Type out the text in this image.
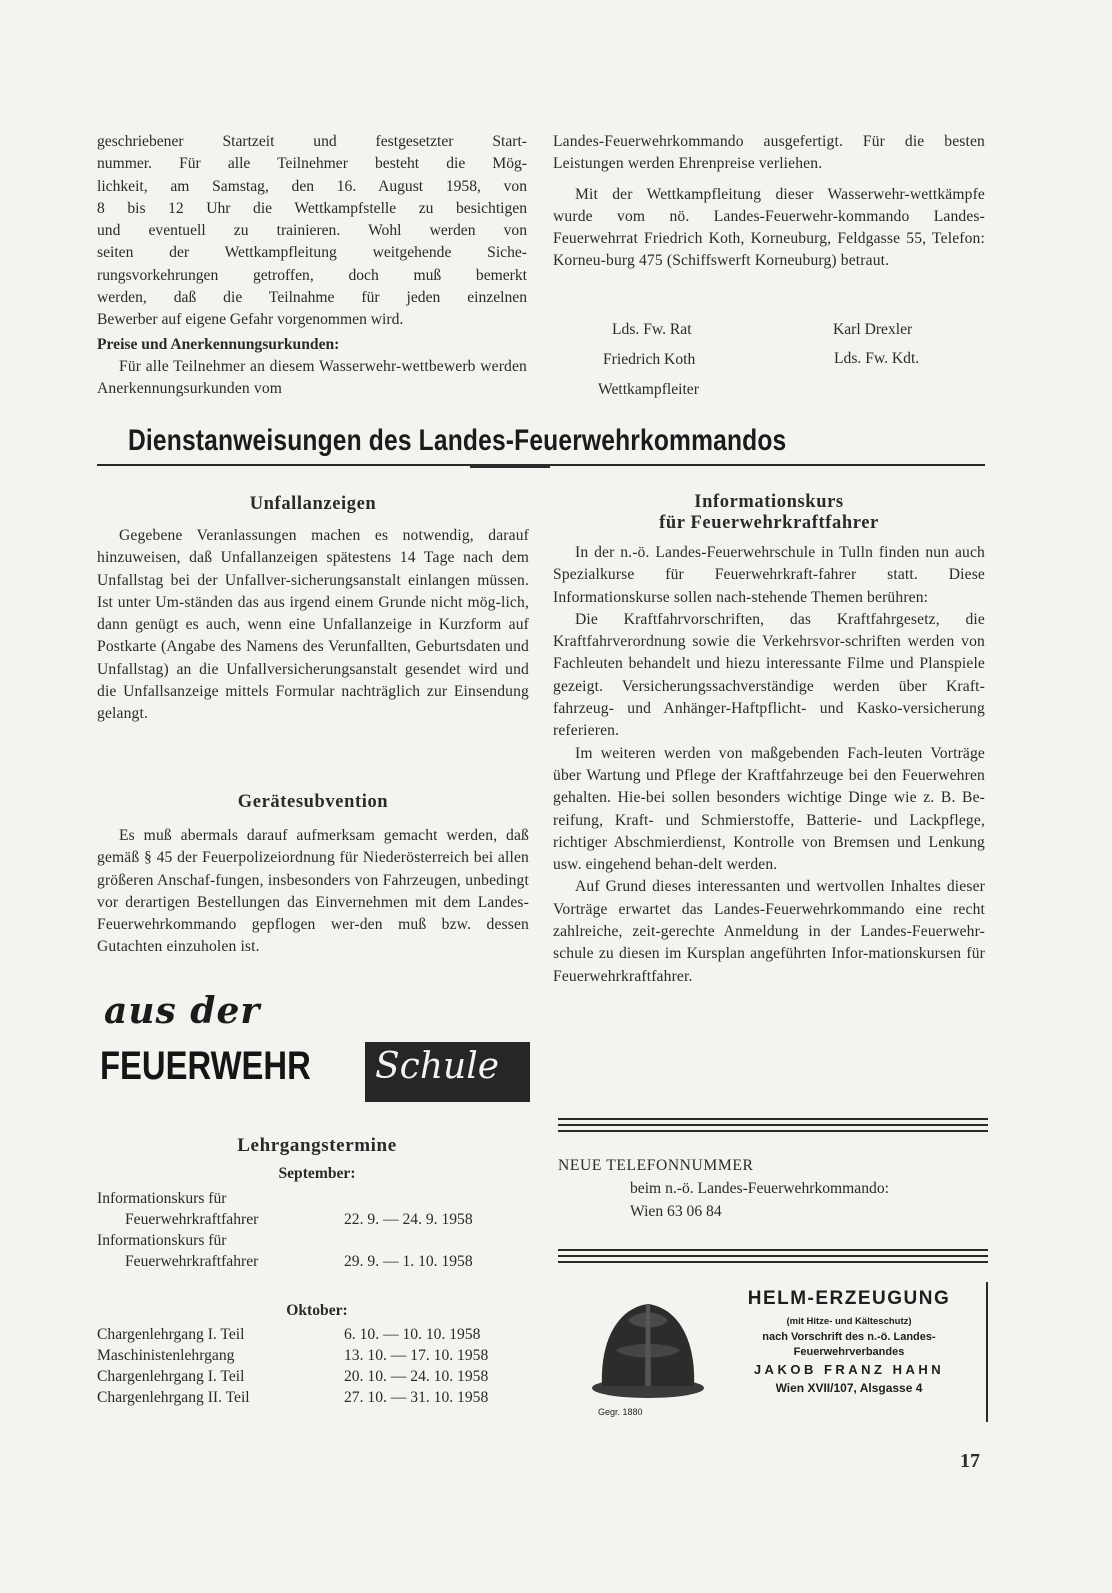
geschriebener Startzeit und festgesetzter Start-
nummer. Für alle Teilnehmer besteht die Mög-
lichkeit, am Samstag, den 16. August 1958, von
8 bis 12 Uhr die Wettkampfstelle zu besichtigen
und eventuell zu trainieren. Wohl werden von
seiten der Wettkampfleitung weitgehende Siche-
rungsvorkehrungen getroffen, doch muß bemerkt
werden, daß die Teilnahme für jeden einzelnen
Bewerber auf eigene Gefahr vorgenommen wird.

Preise und Anerkennungsurkunden:

Für alle Teilnehmer an diesem Wasserwehr-wettbewerb werden Anerkennungsurkunden vom

Landes-Feuerwehrkommando ausgefertigt. Für die besten Leistungen werden Ehrenpreise verliehen.

Mit der Wettkampfleitung dieser Wasserwehr-wettkämpfe wurde vom nö. Landes-Feuerwehr-kommando Landes-Feuerwehrrat Friedrich Koth, Korneuburg, Feldgasse 55, Telefon: Korneu-burg 475 (Schiffswerft Korneuburg) betraut.

Lds. Fw. Rat
Friedrich Koth
Wettkampfleiter
Karl Drexler
Lds. Fw. Kdt.
Dienstanweisungen des Landes-Feuerwehrkommandos

Unfallanzeigen

Gegebene Veranlassungen machen es notwendig, darauf hinzuweisen, daß Unfallanzeigen spätestens 14 Tage nach dem Unfallstag bei der Unfallver-sicherungsanstalt einlangen müssen. Ist unter Um-ständen das aus irgend einem Grunde nicht mög-lich, dann genügt es auch, wenn eine Unfallanzeige in Kurzform auf Postkarte (Angabe des Namens des Verunfallten, Geburtsdaten und Unfallstag) an die Unfallversicherungsanstalt gesendet wird und die Unfallsanzeige mittels Formular nachträglich zur Einsendung gelangt.

Gerätesubvention

Es muß abermals darauf aufmerksam gemacht werden, daß gemäß § 45 der Feuerpolizeiordnung für Niederösterreich bei allen größeren Anschaf-fungen, insbesonders von Fahrzeugen, unbedingt vor derartigen Bestellungen das Einvernehmen mit dem Landes-Feuerwehrkommando gepflogen wer-den muß bzw. dessen Gutachten einzuholen ist.

aus der
FEUERWEHR Schule

Lehrgangstermine

September:

Informationskurs für
Feuerwehrkraftfahrer	22. 9. — 24. 9. 1958
Informationskurs für
Feuerwehrkraftfahrer	29. 9. — 1. 10. 1958

Oktober:

Chargenlehrgang I. Teil	6. 10. — 10. 10. 1958
Maschinistenlehrgang	13. 10. — 17. 10. 1958
Chargenlehrgang I. Teil	20. 10. — 24. 10. 1958
Chargenlehrgang II. Teil	27. 10. — 31. 10. 1958

Informationskurs

für Feuerwehrkraftfahrer

In der n.-ö. Landes-Feuerwehrschule in Tulln finden nun auch Spezialkurse für Feuerwehrkraft-fahrer statt. Diese Informationskurse sollen nach-stehende Themen berühren:

Die Kraftfahrvorschriften, das Kraftfahrgesetz, die Kraftfahrverordnung sowie die Verkehrsvor-schriften werden von Fachleuten behandelt und hiezu interessante Filme und Planspiele gezeigt. Versicherungssachverständige werden über Kraft-fahrzeug- und Anhänger-Haftpflicht- und Kasko-versicherung referieren.

Im weiteren werden von maßgebenden Fach-leuten Vorträge über Wartung und Pflege der Kraftfahrzeuge bei den Feuerwehren gehalten. Hie-bei sollen besonders wichtige Dinge wie z. B. Be-reifung, Kraft- und Schmierstoffe, Batterie- und Lackpflege, richtiger Abschmierdienst, Kontrolle von Bremsen und Lenkung usw. eingehend behan-delt werden.

Auf Grund dieses interessanten und wertvollen Inhaltes dieser Vorträge erwartet das Landes-Feuerwehrkommando eine recht zahlreiche, zeit-gerechte Anmeldung in der Landes-Feuerwehr-schule zu diesen im Kursplan angeführten Infor-mationskursen für Feuerwehrkraftfahrer.

NEUE TELEFONNUMMER
beim n.-ö. Landes-Feuerwehrkommando:
Wien 63 06 84
Gegr. 1880
HELM-ERZEUGUNG
(mit Hitze- und Kälteschutz)
nach Vorschrift des n.-ö. Landes-
Feuerwehrverbandes
JAKOB FRANZ HAHN
Wien XVII/107, Alsgasse 4
17
